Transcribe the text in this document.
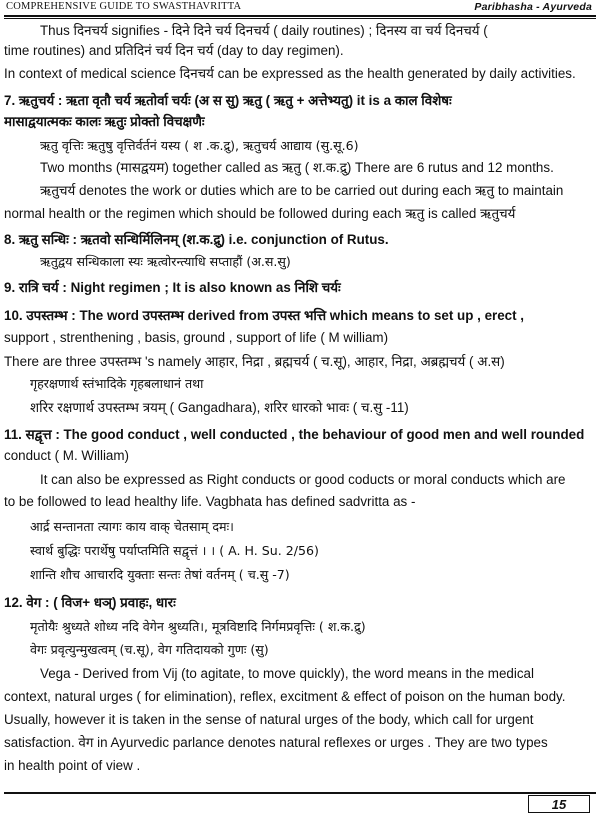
COMPREHENSIVE GUIDE TO SWASTHAVRITTA	Paribhasha - Ayurveda
Thus दिनचर्य signifies - दिने दिने चर्य दिनचर्य ( daily routines) ; दिनस्य वा चर्य दिनचर्य (
time routines) and प्रतिदिनं चर्य दिन चर्य (day to day regimen).
In context of medical science दिनचर्य can be expressed as the health generated by daily activities.
7. ऋतुचर्य : ऋता वृतौ चर्य ऋतोर्वा चर्यः (अ स सु) ऋतु ( ऋतु + अत्तेभ्यतु) it is a काल विशेषः
मासाद्वयात्मकः कालः ऋतुः प्रोक्तो विचक्षणैः
ऋतु वृत्तिः ऋतुषु वृत्तिर्वर्तनं यस्य ( श .क.द्रु), ऋतुचर्य आद्याय (सु.सू.6)
Two months (मासद्वयम) together called as ऋतु ( श.क.द्रु) There are 6 rutus and 12 months.
ऋतुचर्य denotes the work or duties which are to be carried out during each ऋतु to maintain
normal health or the regimen which should be followed during each ऋतु is called ऋतुचर्य
8. ऋतु सन्धिः : ऋतवो सन्धिर्मिलिनम् (श.क.द्रु) i.e. conjunction of Rutus.
ऋतुद्वय सन्धिकाला स्यः ऋत्वोरन्त्याधि सप्ताहौं (अ.स.सु)
9. रात्रि चर्य : Night regimen ; It is also known as निशि चर्यः
10. उपस्तम्भ : The word उपस्तम्भ derived from उपस्त भत्ति which means to set up , erect ,
support , strenthening , basis, ground , support of life ( M william)
There are three उपस्तम्भ 's namely आहार, निद्रा , ब्रह्मचर्य ( च.सू), आहार, निद्रा, अब्रह्मचर्य ( अ.स)
गृहरक्षणार्थ स्तंभादिके गृहबलाधानं तथा
शरिर रक्षणार्थ उपस्तम्भ त्रयम् ( Gangadhara), शरिर धारको भावः ( च.सु -11)
11. सद्वृत्त : The good conduct , well conducted , the behaviour of good men and well rounded
conduct ( M. William)
It can also be expressed as Right conducts or good coducts or moral conducts which are
to be followed to lead healthy life. Vagbhata has defined sadvritta as -
आर्द्र सन्तानता त्यागः काय वाक् चेतसाम् दमः।
स्वार्थ बुद्धिः परार्थेषु पर्याप्तमिति सद्वृत्तं । । ( A. H. Su. 2/56)
शान्ति शौच आचारदि युक्ताः सन्तः तेषां वर्तनम् ( च.सु -7)
12. वेग : ( विज+ धञ्) प्रवाहः, धारः
मृतोयैः श्रुध्यते शोध्य नदि वेगेन श्रुध्यति।, मूत्रविष्टादि निर्गमप्रवृत्तिः ( श.क.द्रु)
वेगः प्रवृत्युन्मुखत्वम् (च.सू), वेग गतिदायको गुणः (सु)
Vega - Derived from Vij (to agitate, to move quickly), the word means in the medical
context, natural urges ( for elimination), reflex, excitment & effect of poison on the human body.
Usually, however it is taken in the sense of natural urges of the body, which call for urgent
satisfaction. वेग in Ayurvedic parlance denotes natural reflexes or urges . They are two types
in health point of view .
15
